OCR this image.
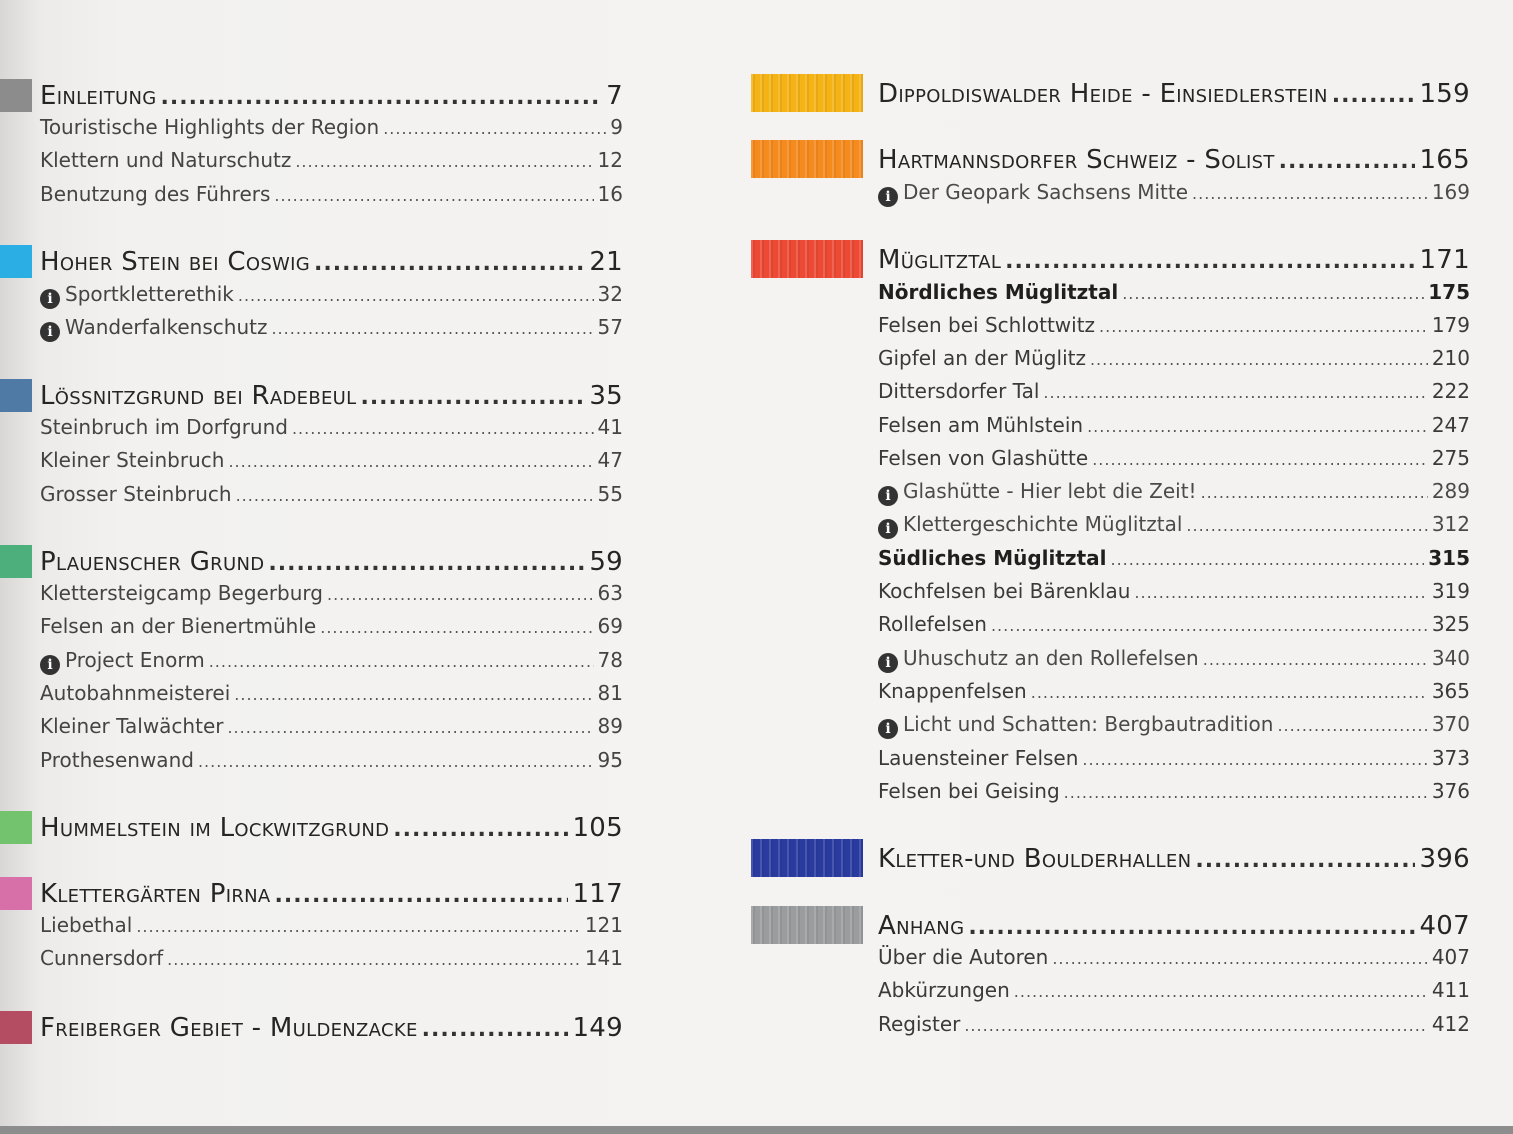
Einleitung .....	7
Touristische Highlights der Region .....	9
Klettern und Naturschutz .....	12
Benutzung des Führers .....	16
Hoher Stein bei Coswig .....	21
i Sportkletterethik .....	32
i Wanderfalkenschutz .....	57
Lössnitzgrund bei Radebeul .....	35
Steinbruch im Dorfgrund .....	41
Kleiner Steinbruch .....	47
Grosser Steinbruch .....	55
Plauenscher Grund .....	59
Klettersteigcamp Begerburg .....	63
Felsen an der Bienertmühle .....	69
i Project Enorm .....	78
Autobahnmeisterei .....	81
Kleiner Talwächter .....	89
Prothesenwand .....	95
Hummelstein im Lockwitzgrund .....	105
Klettergärten Pirna .....	117
Liebethal .....	121
Cunnersdorf .....	141
Freiberger Gebiet - Muldenzacke .....	149
Dippoldiswalder Heide - Einsiedlerstein .....	159
Hartmannsdorfer Schweiz - Solist .....	165
i Der Geopark Sachsens Mitte .....	169
Müglitztal .....	171
Nördliches Müglitztal .....	175
Felsen bei Schlottwitz .....	179
Gipfel an der Müglitz .....	210
Dittersdorfer Tal .....	222
Felsen am Mühlstein .....	247
Felsen von Glashütte .....	275
i Glashütte - Hier lebt die Zeit! .....	289
i Klettergeschichte Müglitztal .....	312
Südliches Müglitztal .....	315
Kochfelsen bei Bärenklau .....	319
Rollefelsen .....	325
i Uhuschutz an den Rollefelsen .....	340
Knappenfelsen .....	365
i Licht und Schatten: Bergbautradition .....	370
Lauensteiner Felsen .....	373
Felsen bei Geising .....	376
Kletter-und Boulderhallen .....	396
Anhang .....	407
Über die Autoren .....	407
Abkürzungen .....	411
Register .....	412
